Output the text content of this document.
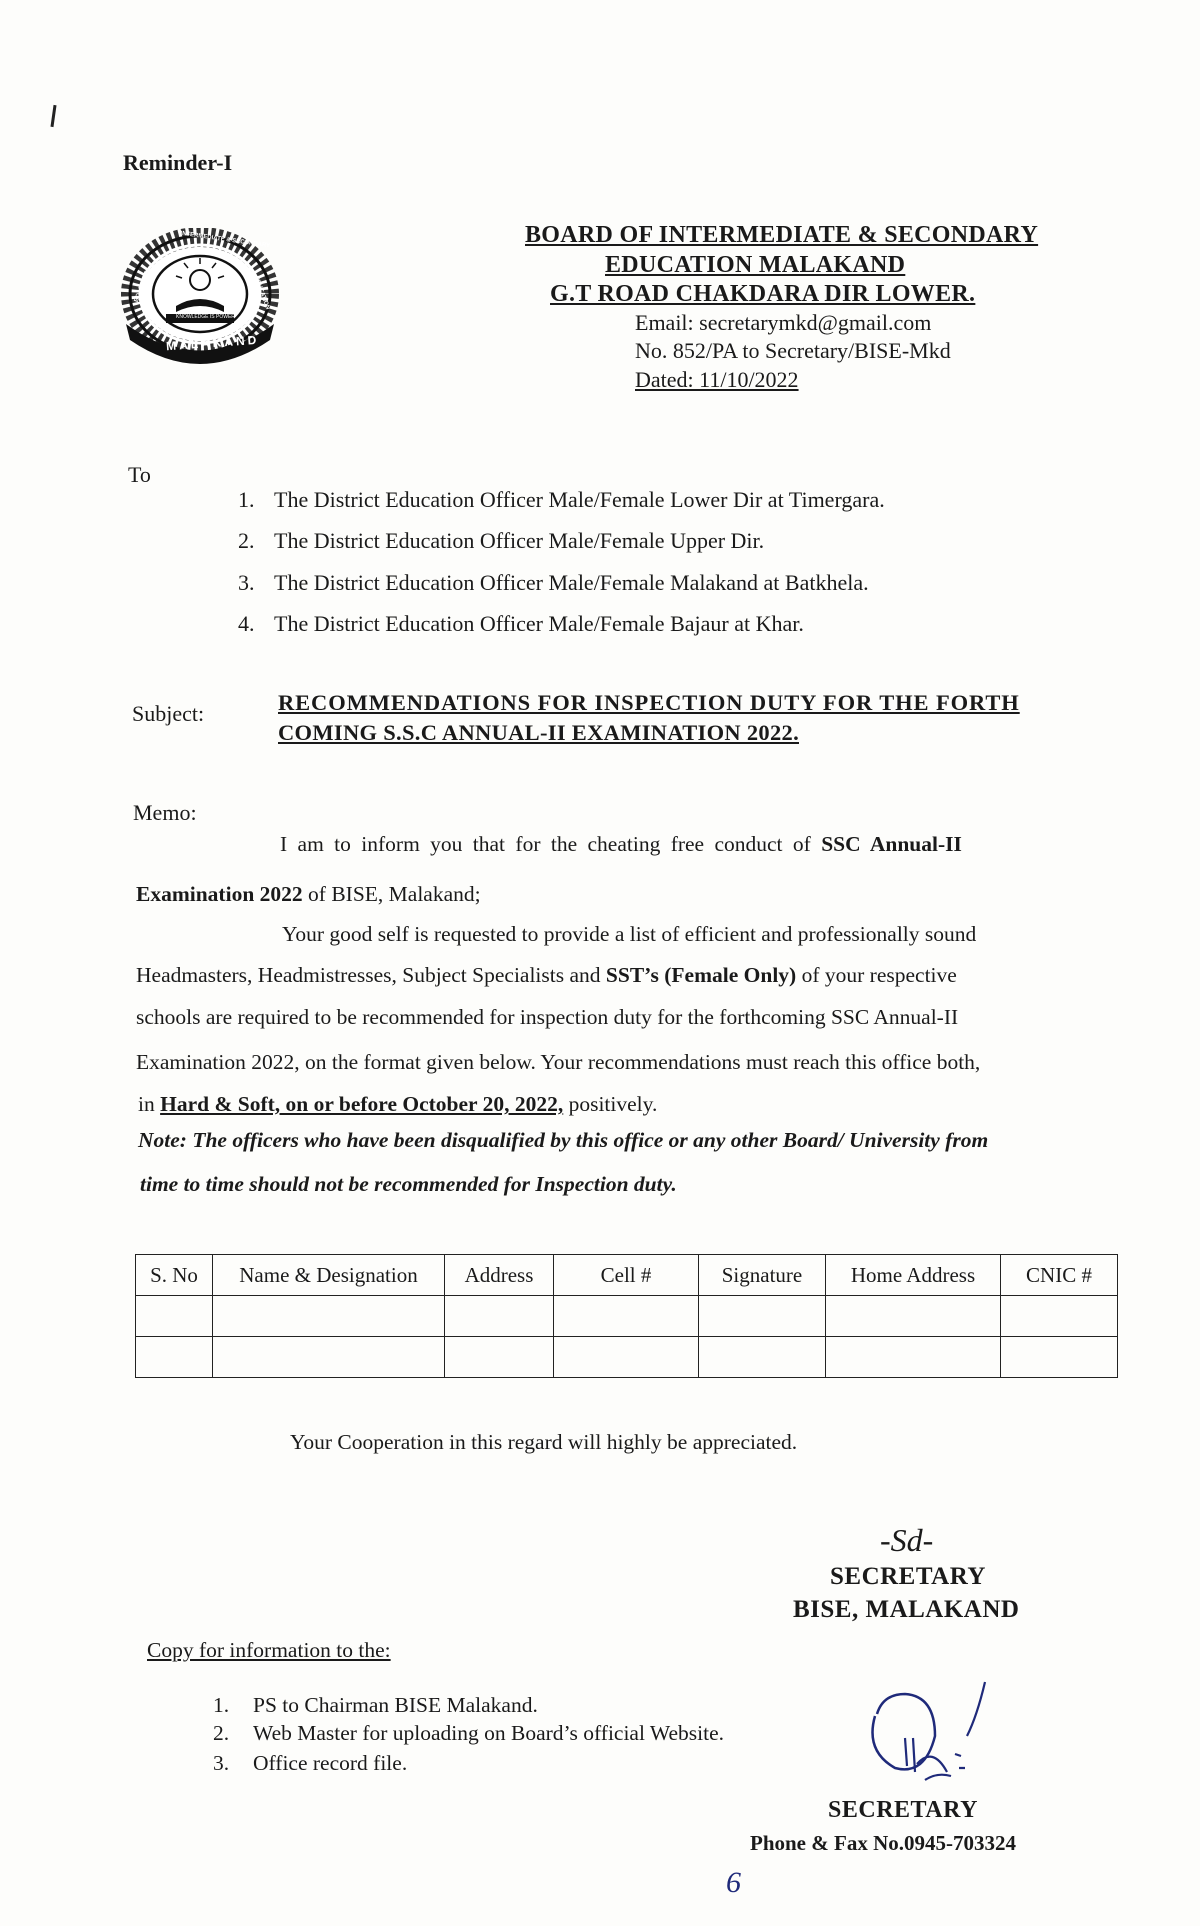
Reminder-I
MALAKAND
KNOWLEDGE IS POWER
INTERMEDIATE & SECONDARY
BOARD OF	EDUCATION
BOARD OF INTERMEDIATE & SECONDARY
EDUCATION MALAKAND
G.T ROAD CHAKDARA DIR LOWER.
Email: secretarymkd@gmail.com
No. 852/PA to Secretary/BISE-Mkd
Dated: 11/10/2022
To
1. The District Education Officer Male/Female Lower Dir at Timergara.
2. The District Education Officer Male/Female Upper Dir.
3. The District Education Officer Male/Female Malakand at Batkhela.
4. The District Education Officer Male/Female Bajaur at Khar.
Subject:	RECOMMENDATIONS FOR INSPECTION DUTY FOR THE FORTH
COMING S.S.C ANNUAL-II EXAMINATION 2022.
Memo:
I am to inform you that for the cheating free conduct of SSC Annual-II
Examination 2022 of BISE, Malakand;
Your good self is requested to provide a list of efficient and professionally sound
Headmasters, Headmistresses, Subject Specialists and SST’s (Female Only) of your respective
schools are required to be recommended for inspection duty for the forthcoming SSC Annual-II
Examination 2022, on the format given below. Your recommendations must reach this office both,
in Hard & Soft, on or before October 20, 2022, positively.
Note: The officers who have been disqualified by this office or any other Board/ University from
time to time should not be recommended for Inspection duty.
S. No	Name & Designation	Address	Cell #	Signature	Home Address	CNIC #

Your Cooperation in this regard will highly be appreciated.
-Sd-
SECRETARY
BISE, MALAKAND
Copy for information to the:
1. PS to Chairman BISE Malakand.
2. Web Master for uploading on Board’s official Website.
3. Office record file.
SECRETARY
Phone & Fax No.0945-703324
6
